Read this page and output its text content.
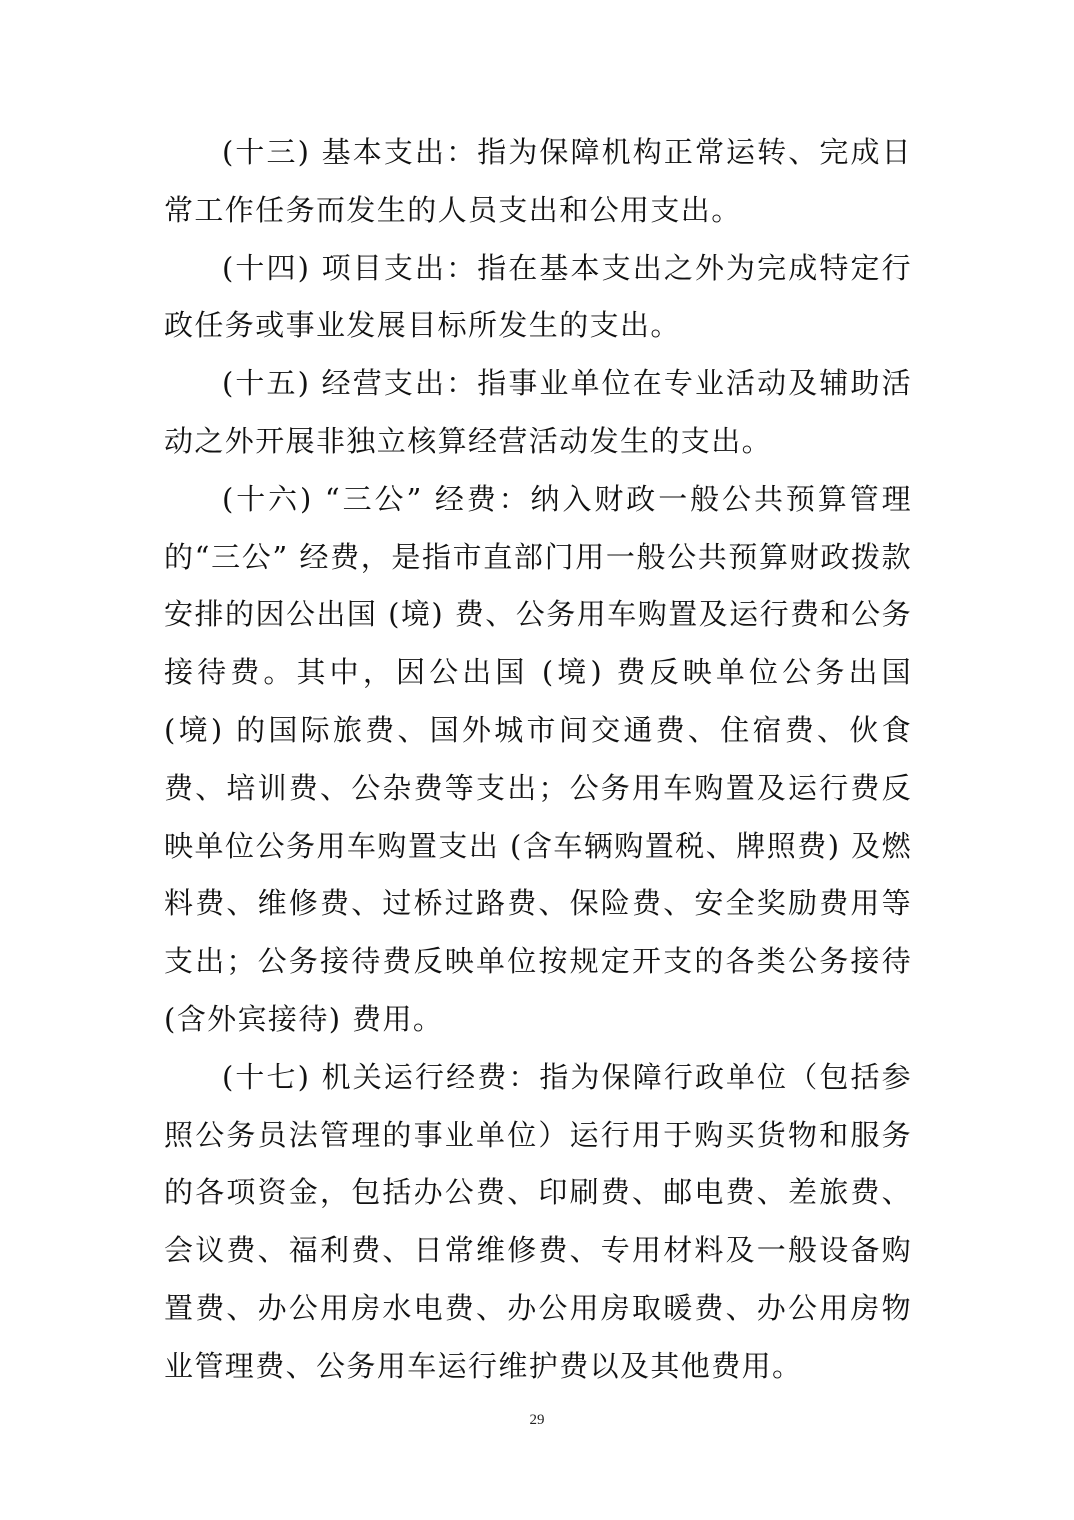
(十三) 基本支出：指为保障机构正常运转、完成日常工作任务而发生的人员支出和公用支出。

(十四) 项目支出：指在基本支出之外为完成特定行政任务或事业发展目标所发生的支出。

(十五) 经营支出：指事业单位在专业活动及辅助活动之外开展非独立核算经营活动发生的支出。

(十六) “三公” 经费：纳入财政一般公共预算管理的“三公” 经费，是指市直部门用一般公共预算财政拨款安排的因公出国 (境) 费、公务用车购置及运行费和公务接待费。其中，因公出国 (境) 费反映单位公务出国 (境) 的国际旅费、国外城市间交通费、住宿费、伙食费、培训费、公杂费等支出；公务用车购置及运行费反映单位公务用车购置支出 (含车辆购置税、牌照费) 及燃料费、维修费、过桥过路费、保险费、安全奖励费用等支出；公务接待费反映单位按规定开支的各类公务接待 (含外宾接待) 费用。

(十七) 机关运行经费：指为保障行政单位（包括参照公务员法管理的事业单位）运行用于购买货物和服务的各项资金，包括办公费、印刷费、邮电费、差旅费、会议费、福利费、日常维修费、专用材料及一般设备购置费、办公用房水电费、办公用房取暖费、办公用房物业管理费、公务用车运行维护费以及其他费用。

29
